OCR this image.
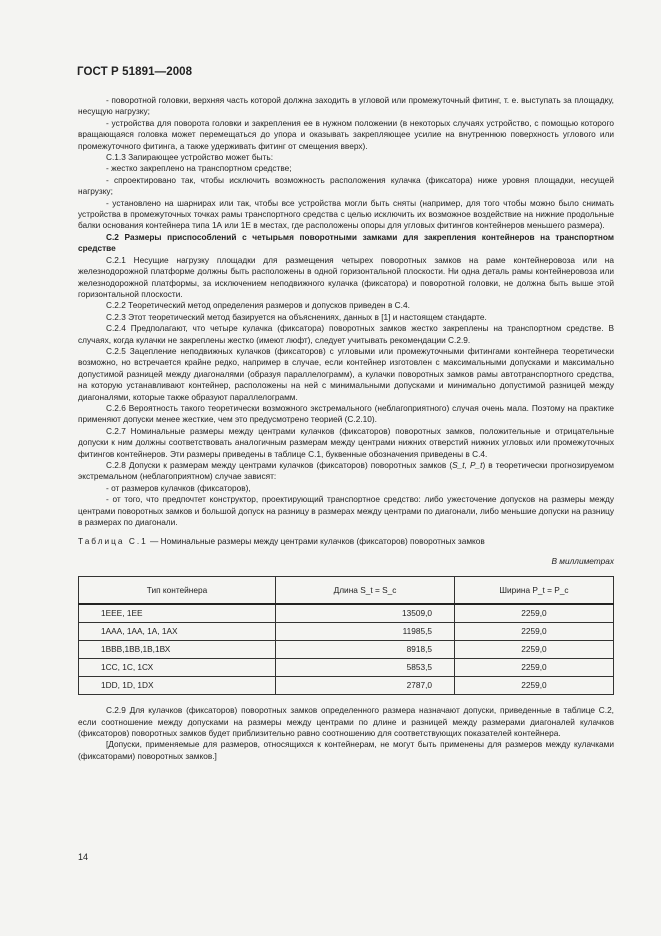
ГОСТ Р 51891—2008

- поворотной головки, верхняя часть которой должна заходить в угловой или промежуточный фитинг, т. е. выступать за площадку, несущую нагрузку;

- устройства для поворота головки и закрепления ее в нужном положении (в некоторых случаях устройство, с помощью которого вращающаяся головка может перемещаться до упора и оказывать закрепляющее усилие на внутреннюю поверхность углового или промежуточного фитинга, а также удерживать фитинг от смещения вверх).

С.1.3 Запирающее устройство может быть:

- жестко закреплено на транспортном средстве;

- спроектировано так, чтобы исключить возможность расположения кулачка (фиксатора) ниже уровня площадки, несущей нагрузку;

- установлено на шарнирах или так, чтобы все устройства могли быть сняты (например, для того чтобы можно было снимать устройства в промежуточных точках рамы транспортного средства с целью исключить их возможное воздействие на нижние продольные балки основания контейнера типа 1А или 1Е в местах, где расположены опоры для угловых фитингов контейнеров меньшего размера).

С.2 Размеры приспособлений с четырьмя поворотными замками для закрепления контейнеров на транспортном средстве

С.2.1 Несущие нагрузку площадки для размещения четырех поворотных замков на раме контейнеровоза или на железнодорожной платформе должны быть расположены в одной горизонтальной плоскости. Ни одна деталь рамы контейнеровоза или железнодорожной платформы, за исключением неподвижного кулачка (фиксатора) и поворотной головки, не должна быть выше этой горизонтальной плоскости.

С.2.2 Теоретический метод определения размеров и допусков приведен в С.4.

С.2.3 Этот теоретический метод базируется на объяснениях, данных в [1] и настоящем стандарте.

С.2.4 Предполагают, что четыре кулачка (фиксатора) поворотных замков жестко закреплены на транспортном средстве. В случаях, когда кулачки не закреплены жестко (имеют люфт), следует учитывать рекомендации С.2.9.

С.2.5 Зацепление неподвижных кулачков (фиксаторов) с угловыми или промежуточными фитингами контейнера теоретически возможно, но встречается крайне редко, например в случае, если контейнер изготовлен с максимальными допусками и максимально допустимой разницей между диагоналями (образуя параллелограмм), а кулачки поворотных замков рамы автотранспортного средства, на которую устанавливают контейнер, расположены на ней с минимальными допусками и минимально допустимой разницей между диагоналями, которые также образуют параллелограмм.

С.2.6 Вероятность такого теоретически возможного экстремального (неблагоприятного) случая очень мала. Поэтому на практике применяют допуски менее жесткие, чем это предусмотрено теорией (С.2.10).

С.2.7 Номинальные размеры между центрами кулачков (фиксаторов) поворотных замков, положительные и отрицательные допуски к ним должны соответствовать аналогичным размерам между центрами нижних отверстий нижних угловых или промежуточных фитингов контейнеров. Эти размеры приведены в таблице С.1, буквенные обозначения приведены в С.4.

С.2.8 Допуски к размерам между центрами кулачков (фиксаторов) поворотных замков (S_t, P_t) в теоретически прогнозируемом экстремальном (неблагоприятном) случае зависят:

- от размеров кулачков (фиксаторов),

- от того, что предпочтет конструктор, проектирующий транспортное средство: либо ужесточение допусков на размеры между центрами поворотных замков и большой допуск на разницу в размерах между центрами по диагонали, либо меньшие допуски на разницу в размерах по диагонали.

Таблица С.1 — Номинальные размеры между центрами кулачков (фиксаторов) поворотных замков

В миллиметрах

Тип контейнера	Длина S_t = S_c	Ширина P_t = P_c
1ЕЕЕ, 1ЕЕ	13509,0	2259,0
1ААА, 1АА, 1А, 1АХ	11985,5	2259,0
1ВВВ,1ВВ,1В,1ВХ	8918,5	2259,0
1СС, 1С, 1СХ	5853,5	2259,0
1DD, 1D, 1DX	2787,0	2259,0

С.2.9 Для кулачков (фиксаторов) поворотных замков определенного размера назначают допуски, приведенные в таблице С.2, если соотношение между допусками на размеры между центрами по длине и разницей между размерами диагоналей кулачков (фиксаторов) поворотных замков будет приблизительно равно соотношению для соответствующих показателей контейнера.

[Допуски, применяемые для размеров, относящихся к контейнерам, не могут быть применены для размеров между кулачками (фиксаторами) поворотных замков.]

14
